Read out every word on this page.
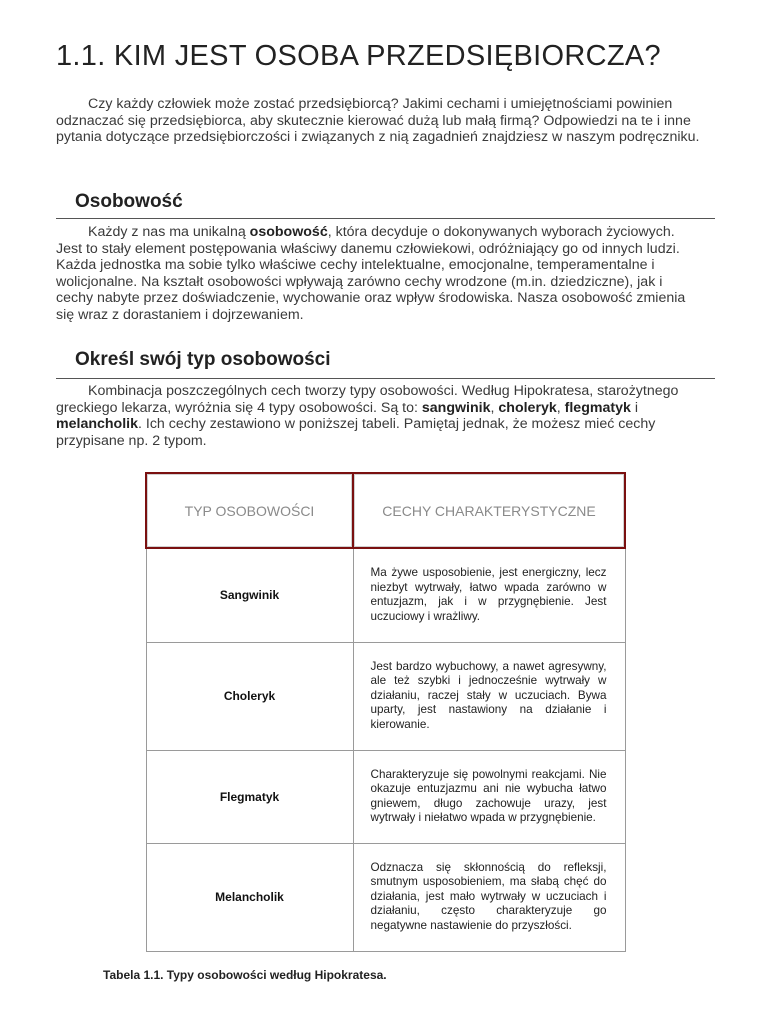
1.1. KIM JEST OSOBA PRZEDSIĘBIORCZA?

Czy każdy człowiek może zostać przedsiębiorcą? Jakimi cechami i umiejętnościami powinien odznaczać się przedsiębiorca, aby skutecznie kierować dużą lub małą firmą? Odpowiedzi na te i inne pytania dotyczące przedsiębiorczości i związanych z nią zagadnień znajdziesz w naszym podręczniku.

Osobowość

Każdy z nas ma unikalną osobowość, która decyduje o dokonywanych wyborach życiowych. Jest to stały element postępowania właściwy danemu człowiekowi, odróżniający go od innych ludzi. Każda jednostka ma sobie tylko właściwe cechy intelektualne, emocjonalne, temperamentalne i wolicjonalne. Na kształt osobowości wpływają zarówno cechy wrodzone (m.in. dziedziczne), jak i cechy nabyte przez doświadczenie, wychowanie oraz wpływ środowiska. Nasza osobowość zmienia się wraz z dorastaniem i dojrzewaniem.

Określ swój typ osobowości

Kombinacja poszczególnych cech tworzy typy osobowości. Według Hipokratesa, starożytnego greckiego lekarza, wyróżnia się 4 typy osobowości. Są to: sangwinik, choleryk, flegmatyk i melancholik. Ich cechy zestawiono w poniższej tabeli. Pamiętaj jednak, że możesz mieć cechy przypisane np. 2 typom.

TYP OSOBOWOŚCI	CECHY CHARAKTERYSTYCZNE
Sangwinik	Ma żywe usposobienie, jest energiczny, lecz niezbyt wytrwały, łatwo wpada zarówno w entuzjazm, jak i w przygnębienie. Jest uczuciowy i wrażliwy.
Choleryk	Jest bardzo wybuchowy, a nawet agresywny, ale też szybki i jednocześnie wytrwały w działaniu, raczej stały w uczuciach. Bywa uparty, jest nastawiony na działanie i kierowanie.
Flegmatyk	Charakteryzuje się powolnymi reakcjami. Nie okazuje entuzjazmu ani nie wybucha łatwo gniewem, długo zachowuje urazy, jest wytrwały i niełatwo wpada w przygnębienie.
Melancholik	Odznacza się skłonnością do refleksji, smutnym usposobieniem, ma słabą chęć do działania, jest mało wytrwały w uczuciach i działaniu, często charakteryzuje go negatywne nastawienie do przyszłości.

Tabela 1.1. Typy osobowości według Hipokratesa.
